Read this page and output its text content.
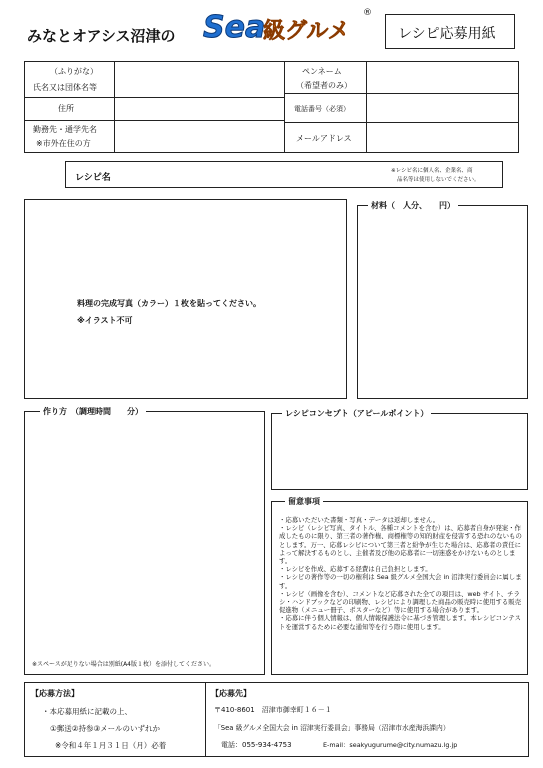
みなとオアシス沼津の Sea
級グルメ
®
レシピ応募用紙
（ふりがな）
氏名又は団体名等
住所
勤務先・通学先名
※市外在住の方
ペンネーム
（希望者のみ）
電話番号（必須）
メールアドレス
レシピ名
※レシピ名に個人名、企業名、商
品名等は使用しないでください。
料理の完成写真（カラー）１枚を貼ってください。
※イラスト不可
材料（　人分、　　円）
※スペースが足りない場合は別紙(A4版１枚）を添付してください。
作り方　（調理時間　　分）	レシピコンセプト（アピールポイント）

・応募いただいた書類・写真・データは返却しません。

・レシピ（レシピ写真、タイトル、各種コメントを含む）は、応募者自身が発案・作成したものに限り、第三者の著作権、商標権等の知的財産を侵害する恐れのないものとします。万一、応募レシピについて第三者と紛争が生じた場合は、応募者の責任によって解決するものとし、主催者及び他の応募者に一切迷惑をかけないものとします。

・レシピを作成、応募する経費は自己負担とします。

・レシピの著作等の一切の権利は Sea 級グルメ全国大会 in 沼津実行委員会に属します。

・レシピ（画像を含む）、コメントなど応募された全ての項目は、web サイト、チラシ・ハンドブックなどの印刷物、レシピにより調理した商品の販売時に使用する販売促進物（メニュー冊子、ポスターなど）等に使用する場合があります。

・応募に伴う個人情報は、個人情報保護法令に基づき管理します。本レシピコンテストを運営するために必要な通知等を行う際に使用します。

留意事項
【応募方法】
・本応募用紙に記載の上、
①郵送②持参③メールのいずれか
※令和４年１月３１日（月）必着
【応募先】
〒410-8601　沼津市御幸町１６－１
「Sea 級グルメ全国大会 in 沼津実行委員会」事務局（沼津市水産海浜課内）
電話：055-934-4753	E-mail：seakyugurume@city.numazu.lg.jp
